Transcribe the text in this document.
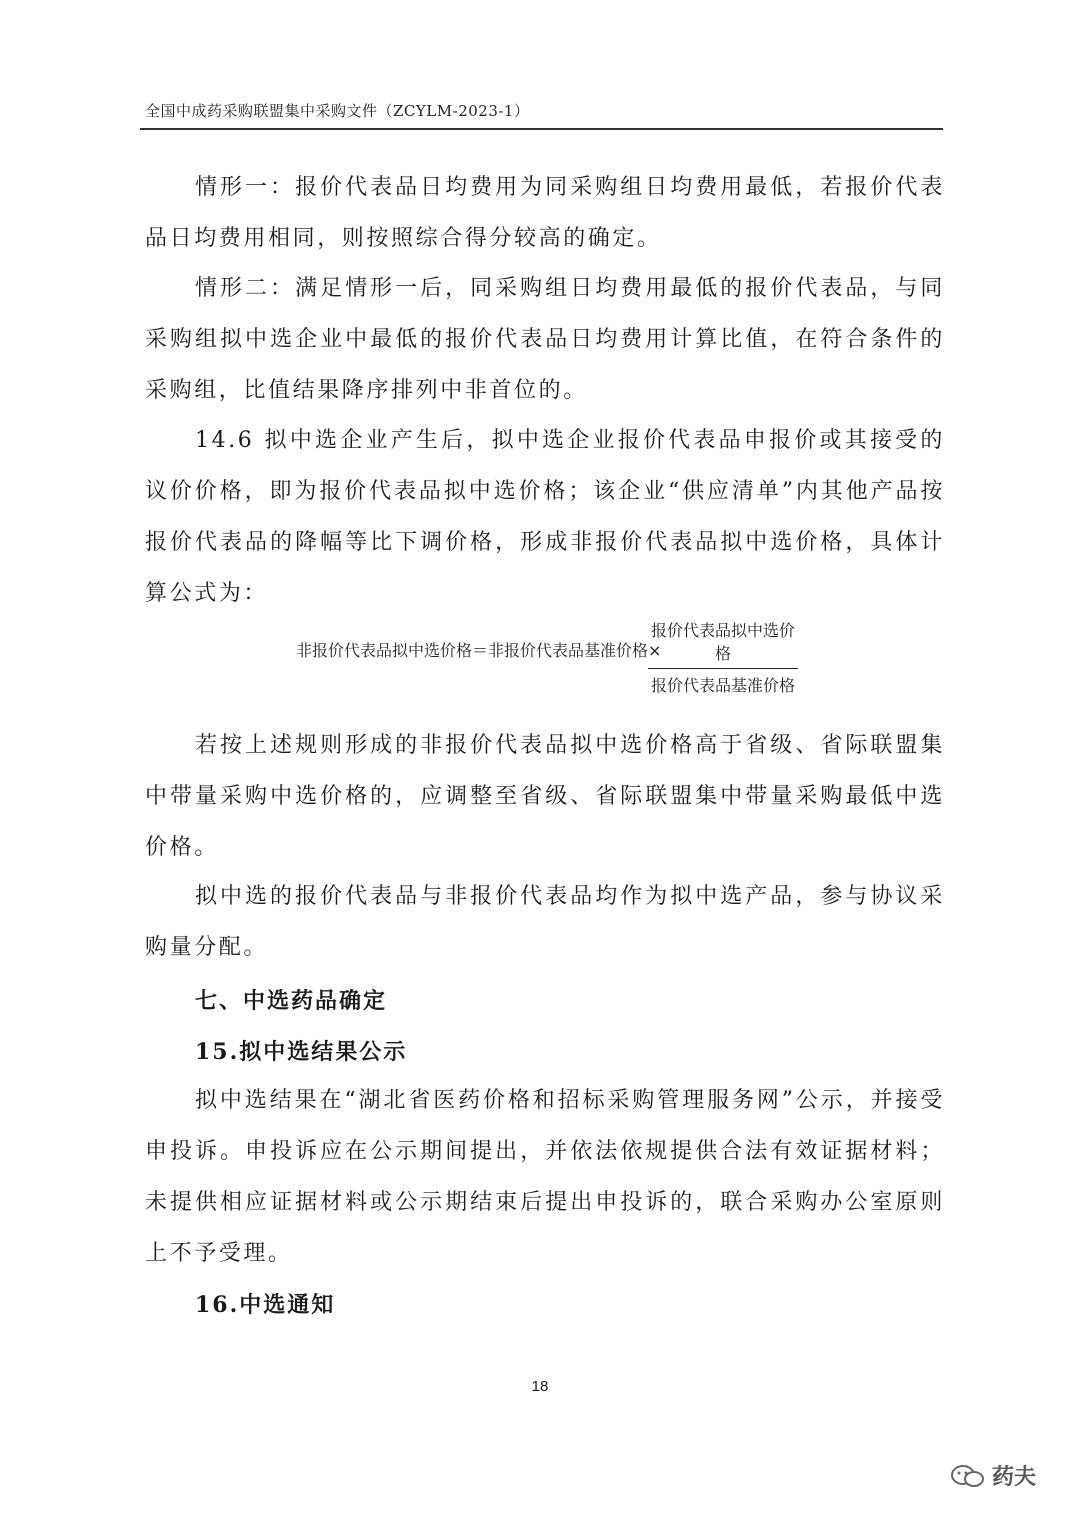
全国中成药采购联盟集中采购文件（ZCYLM-2023-1）

情形一：报价代表品日均费用为同采购组日均费用最低，若报价代表品日均费用相同，则按照综合得分较高的确定。

情形二：满足情形一后，同采购组日均费用最低的报价代表品，与同采购组拟中选企业中最低的报价代表品日均费用计算比值，在符合条件的采购组，比值结果降序排列中非首位的。

14.6 拟中选企业产生后，拟中选企业报价代表品申报价或其接受的议价价格，即为报价代表品拟中选价格；该企业“供应清单”内其他产品按报价代表品的降幅等比下调价格，形成非报价代表品拟中选价格，具体计算公式为：

非报价代表品拟中选价格＝非报价代表品基准价格×
报价代表品拟中选价格
报价代表品基准价格

若按上述规则形成的非报价代表品拟中选价格高于省级、省际联盟集中带量采购中选价格的，应调整至省级、省际联盟集中带量采购最低中选价格。

拟中选的报价代表品与非报价代表品均作为拟中选产品，参与协议采购量分配。

七、中选药品确定
15.拟中选结果公示

拟中选结果在“湖北省医药价格和招标采购管理服务网”公示，并接受申投诉。申投诉应在公示期间提出，并依法依规提供合法有效证据材料；未提供相应证据材料或公示期结束后提出申投诉的，联合采购办公室原则上不予受理。

16.中选通知
18
药夫
